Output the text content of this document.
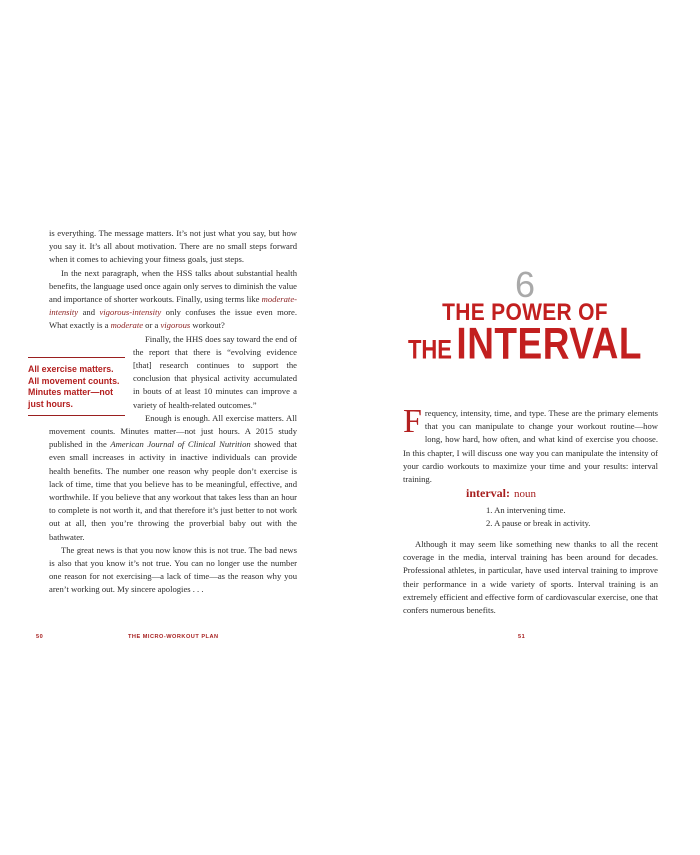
is everything. The message matters. It’s not just what you say, but how you say it. It’s all about motivation. There are no small steps forward when it comes to achieving your fitness goals, just steps.

In the next paragraph, when the HSS talks about substantial health benefits, the language used once again only serves to diminish the value and importance of shorter workouts. Finally, using terms like moderate-intensity and vigorous-intensity only confuses the issue even more. What exactly is a moderate or a vigorous workout?

Finally, the HHS does say toward the end of the report that there is “evolving evidence [that] research continues to support the conclusion that physical activity accumulated in bouts of at least 10 minutes can improve a variety of health-related outcomes.”

Enough is enough. All exercise matters. All movement counts. Minutes matter—not just hours. A 2015 study published in the American Journal of Clinical Nutrition showed that even small increases in activity in inactive individuals can provide health benefits. The number one reason why people don’t exercise is lack of time, time that you believe has to be meaningful, effective, and worthwhile. If you believe that any workout that takes less than an hour to complete is not worth it, and that therefore it’s just better to not work out at all, then you’re throwing the proverbial baby out with the bathwater.

The great news is that you now know this is not true. The bad news is also that you know it’s not true. You can no longer use the number one reason for not exercising—a lack of time—as the reason why you aren’t working out. My sincere apologies . . .

All exercise matters. All movement counts. Minutes matter—not just hours.
50	THE MICRO-WORKOUT PLAN
6
THE POWER OF
THE INTERVAL

Frequency, intensity, time, and type. These are the primary elements that you can manipulate to change your workout routine—how long, how hard, how often, and what kind of exercise you choose. In this chapter, I will discuss one way you can manipulate the intensity of your cardio workouts to maximize your time and your results: interval training.

interval: noun
1. An intervening time.
2. A pause or break in activity.

Although it may seem like something new thanks to all the recent coverage in the media, interval training has been around for decades. Professional athletes, in particular, have used interval training to improve their performance in a wide variety of sports. Interval training is an extremely efficient and effective form of cardiovascular exercise, one that confers numerous benefits.

51
